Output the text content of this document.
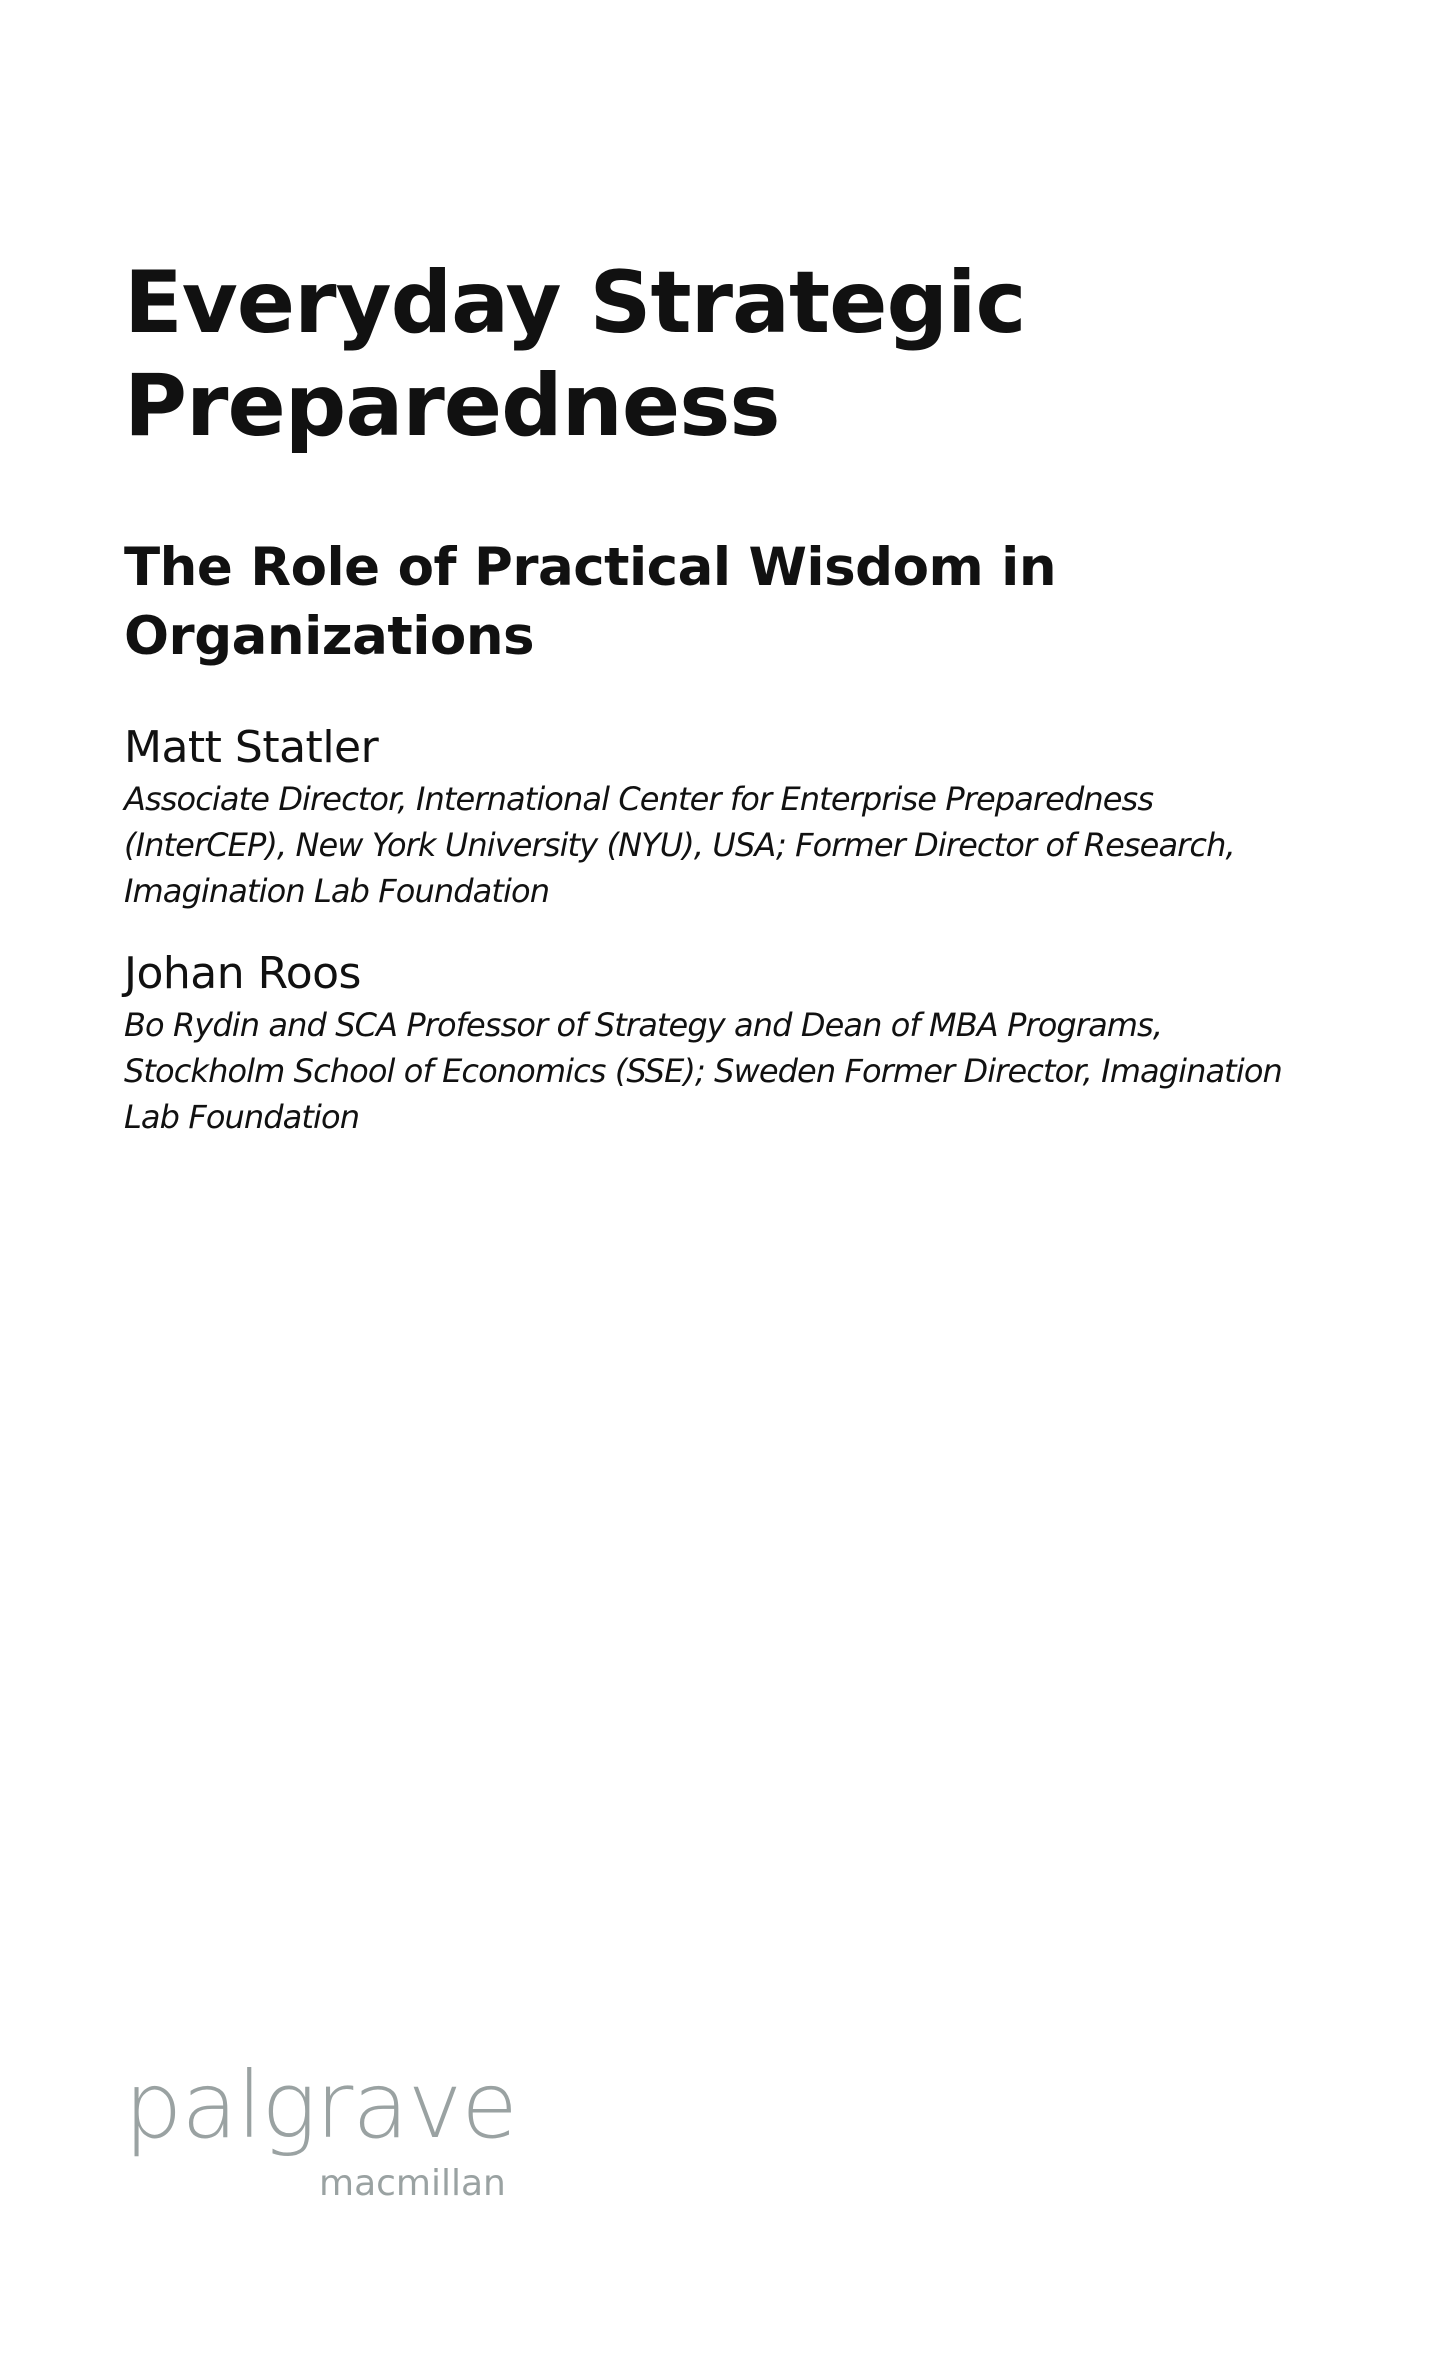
Everyday Strategic Preparedness
The Role of Practical Wisdom in Organizations

Matt Statler

Associate Director, International Center for Enterprise Preparedness (InterCEP), New York University (NYU), USA; Former Director of Research, Imagination Lab Foundation

Johan Roos

Bo Rydin and SCA Professor of Strategy and Dean of MBA Programs, Stockholm School of Economics (SSE); Sweden Former Director, Imagination Lab Foundation

palgrave

macmillan
